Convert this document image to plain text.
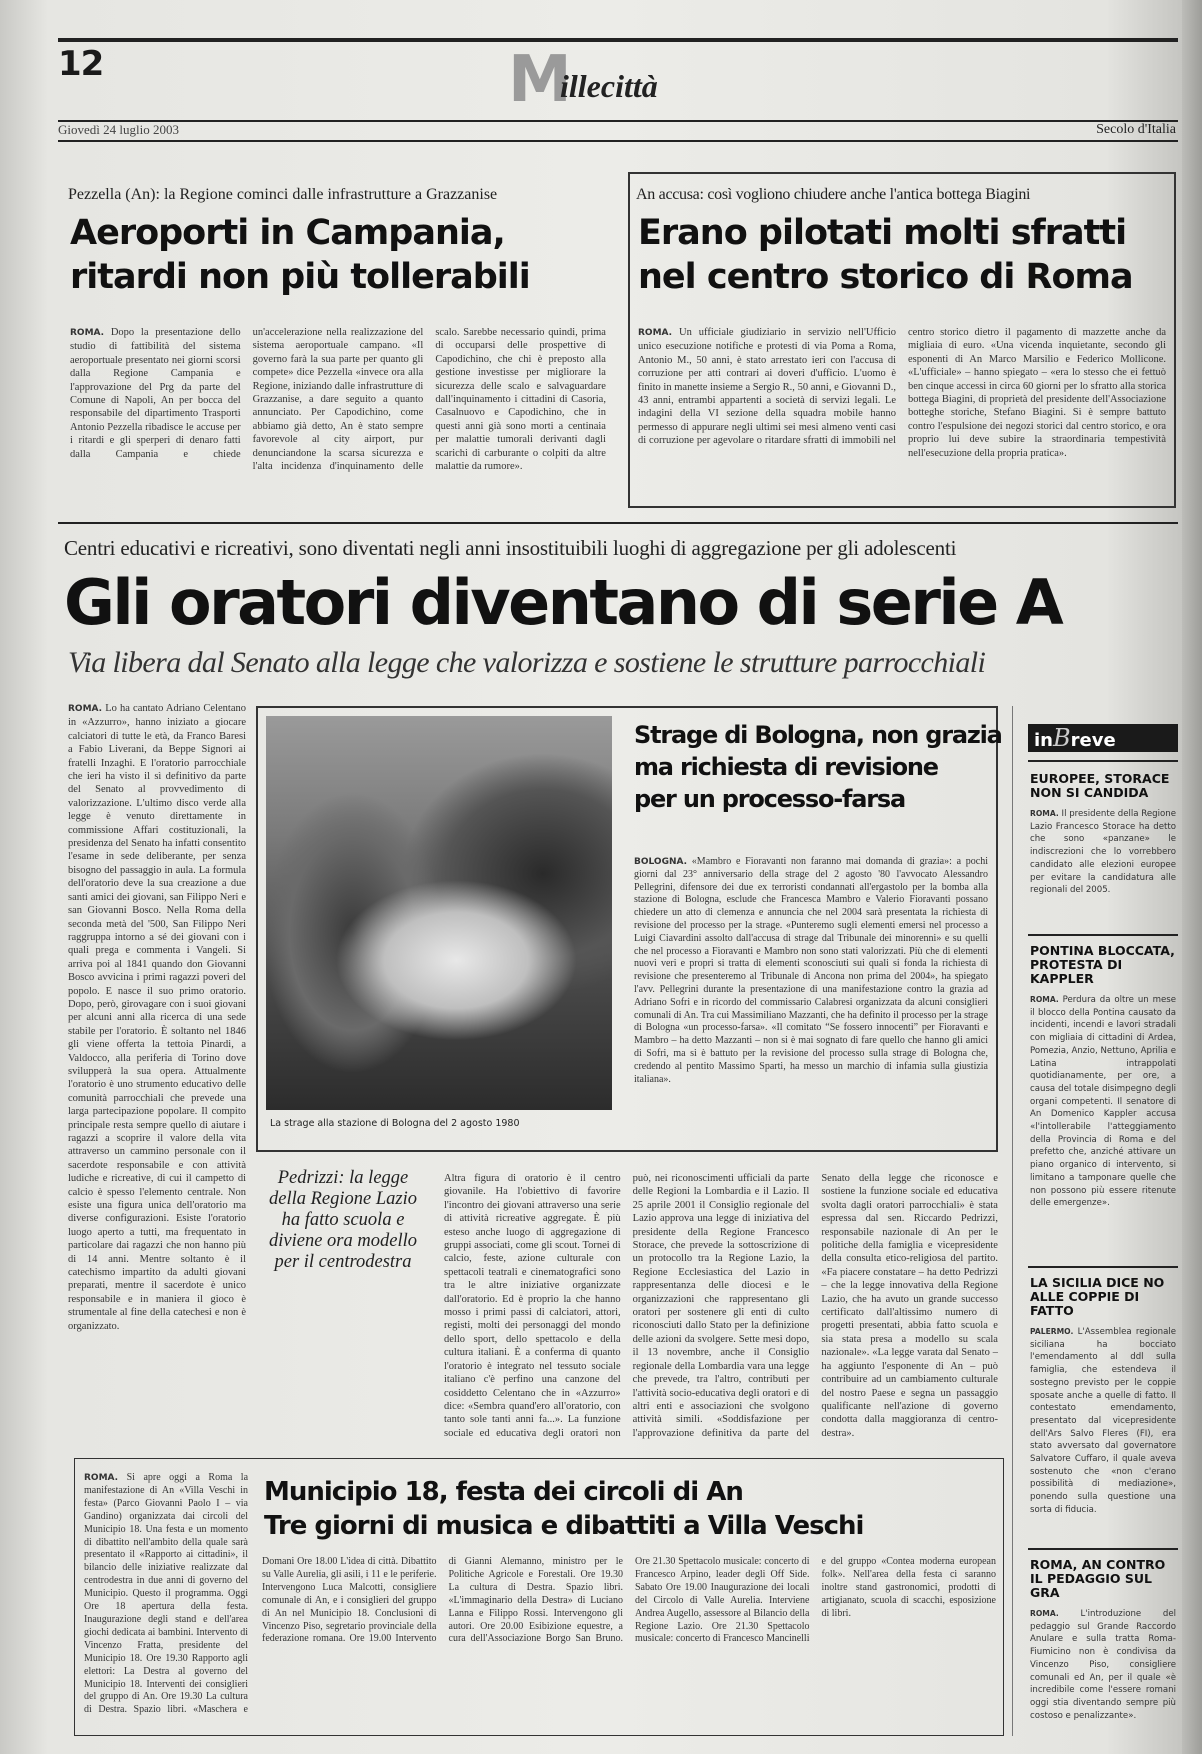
12	M
illecittà
Giovedì 24 luglio 2003	Secolo d'Italia
Pezzella (An): la Regione cominci dalle infrastrutture a Grazzanise
Aeroporti in Campania,
ritardi non più tollerabili
ROMA. Dopo la presentazione dello studio di fattibilità del sistema aeroportuale presentato nei giorni scorsi dalla Regione Campania e l'approvazione del Prg da parte del Comune di Napoli, An per bocca del responsabile del dipartimento Trasporti Antonio Pezzella ribadisce le accuse per i ritardi e gli sperperi di denaro fatti dalla Campania e chiede un'accelerazione nella realizzazione del sistema aeroportuale campano. «Il governo farà la sua parte per quanto gli compete» dice Pezzella «invece ora alla Regione, iniziando dalle infrastrutture di Grazzanise, a dare seguito a quanto annunciato. Per Capodichino, come abbiamo già detto, An è stato sempre favorevole al city airport, pur denunciandone la scarsa sicurezza e l'alta incidenza d'inquinamento delle scalo. Sarebbe necessario quindi, prima di occuparsi delle prospettive di Capodichino, che chi è preposto alla gestione investisse per migliorare la sicurezza delle scalo e salvaguardare dall'inquinamento i cittadini di Casoria, Casalnuovo e Capodichino, che in questi anni già sono morti a centinaia per malattie tumorali derivanti dagli scarichi di carburante o colpiti da altre malattie da rumore».
An accusa: così vogliono chiudere anche l'antica bottega Biagini
Erano pilotati molti sfratti
nel centro storico di Roma
ROMA. Un ufficiale giudiziario in servizio nell'Ufficio unico esecuzione notifiche e protesti di via Poma a Roma, Antonio M., 50 anni, è stato arrestato ieri con l'accusa di corruzione per atti contrari ai doveri d'ufficio. L'uomo è finito in manette insieme a Sergio R., 50 anni, e Giovanni D., 43 anni, entrambi appartenti a società di servizi legali. Le indagini della VI sezione della squadra mobile hanno permesso di appurare negli ultimi sei mesi almeno venti casi di corruzione per agevolare o ritardare sfratti di immobili nel centro storico dietro il pagamento di mazzette anche da migliaia di euro. «Una vicenda inquietante, secondo gli esponenti di An Marco Marsilio e Federico Mollicone. «L'ufficiale» – hanno spiegato – «era lo stesso che ei fettuò ben cinque accessi in circa 60 giorni per lo sfratto alla storica bottega Biagini, di proprietà del presidente dell'Associazione botteghe storiche, Stefano Biagini. Si è sempre battuto contro l'espulsione dei negozi storici dal centro storico, e ora proprio lui deve subire la straordinaria tempestività nell'esecuzione della propria pratica».
Centri educativi e ricreativi, sono diventati negli anni insostituibili luoghi di aggregazione per gli adolescenti
Gli oratori diventano di serie A
Via libera dal Senato alla legge che valorizza e sostiene le strutture parrocchiali
ROMA. Lo ha cantato Adriano Celentano in «Azzurro», hanno iniziato a giocare calciatori di tutte le età, da Franco Baresi a Fabio Liverani, da Beppe Signori ai fratelli Inzaghi. E l'oratorio parrocchiale che ieri ha visto il sì definitivo da parte del Senato al provvedimento di valorizzazione. L'ultimo disco verde alla legge è venuto direttamente in commissione Affari costituzionali, la presidenza del Senato ha infatti consentito l'esame in sede deliberante, per senza bisogno del passaggio in aula. La formula dell'oratorio deve la sua creazione a due santi amici dei giovani, san Filippo Neri e san Giovanni Bosco. Nella Roma della seconda metà del '500, San Filippo Neri raggruppa intorno a sé dei giovani con i quali prega e commenta i Vangeli. Si arriva poi al 1841 quando don Giovanni Bosco avvicina i primi ragazzi poveri del popolo. E nasce il suo primo oratorio. Dopo, però, girovagare con i suoi giovani per alcuni anni alla ricerca di una sede stabile per l'oratorio. È soltanto nel 1846 gli viene offerta la tettoia Pinardi, a Valdocco, alla periferia di Torino dove svilupperà la sua opera. Attualmente l'oratorio è uno strumento educativo delle comunità parrocchiali che prevede una larga partecipazione popolare. Il compito principale resta sempre quello di aiutare i ragazzi a scoprire il valore della vita attraverso un cammino personale con il sacerdote responsabile e con attività ludiche e ricreative, di cui il campetto di calcio è spesso l'elemento centrale. Non esiste una figura unica dell'oratorio ma diverse configurazioni. Esiste l'oratorio luogo aperto a tutti, ma frequentato in particolare dai ragazzi che non hanno più di 14 anni. Mentre soltanto è il catechismo impartito da adulti giovani preparati, mentre il sacerdote è unico responsabile e in maniera il gioco è strumentale al fine della catechesi e non è organizzato.
La strage alla stazione di Bologna del 2 agosto 1980
Strage di Bologna, non grazia
ma richiesta di revisione
per un processo-farsa
BOLOGNA. «Mambro e Fioravanti non faranno mai domanda di grazia»: a pochi giorni dal 23° anniversario della strage del 2 agosto '80 l'avvocato Alessandro Pellegrini, difensore dei due ex terroristi condannati all'ergastolo per la bomba alla stazione di Bologna, esclude che Francesca Mambro e Valerio Fioravanti possano chiedere un atto di clemenza e annuncia che nel 2004 sarà presentata la richiesta di revisione del processo per la strage. «Punteremo sugli elementi emersi nel processo a Luigi Ciavardini assolto dall'accusa di strage dal Tribunale dei minorenni» e su quelli che nel processo a Fioravanti e Mambro non sono stati valorizzati. Più che di elementi nuovi veri e propri si tratta di elementi sconosciuti sui quali si fonda la richiesta di revisione che presenteremo al Tribunale di Ancona non prima del 2004», ha spiegato l'avv. Pellegrini durante la presentazione di una manifestazione contro la grazia ad Adriano Sofri e in ricordo del commissario Calabresi organizzata da alcuni consiglieri comunali di An. Tra cui Massimiliano Mazzanti, che ha definito il processo per la strage di Bologna «un processo-farsa». «Il comitato “Se fossero innocenti” per Fioravanti e Mambro – ha detto Mazzanti – non si è mai sognato di fare quello che hanno gli amici di Sofri, ma si è battuto per la revisione del processo sulla strage di Bologna che, credendo al pentito Massimo Sparti, ha messo un marchio di infamia sulla giustizia italiana».
Pedrizzi: la legge della Regione Lazio ha fatto scuola e diviene ora modello per il centrodestra
Altra figura di oratorio è il centro giovanile. Ha l'obiettivo di favorire l'incontro dei giovani attraverso una serie di attività ricreative aggregate. È più esteso anche luogo di aggregazione di gruppi associati, come gli scout. Tornei di calcio, feste, azione culturale con spettacoli teatrali e cinematografici sono tra le altre iniziative organizzate dall'oratorio. Ed è proprio la che hanno mosso i primi passi di calciatori, attori, registi, molti dei personaggi del mondo dello sport, dello spettacolo e della cultura italiani. È a conferma di quanto l'oratorio è integrato nel tessuto sociale italiano c'è perfino una canzone del cosiddetto Celentano che in «Azzurro» dice: «Sembra quand'ero all'oratorio, con tanto sole tanti anni fa...». La funzione sociale ed educativa degli oratori non può, nei riconoscimenti ufficiali da parte delle Regioni la Lombardia e il Lazio. Il 25 aprile 2001 il Consiglio regionale del Lazio approva una legge di iniziativa del presidente della Regione Francesco Storace, che prevede la sottoscrizione di un protocollo tra la Regione Lazio, la Regione Ecclesiastica del Lazio in rappresentanza delle diocesi e le organizzazioni che rappresentano gli oratori per sostenere gli enti di culto riconosciuti dallo Stato per la definizione delle azioni da svolgere. Sette mesi dopo, il 13 novembre, anche il Consiglio regionale della Lombardia vara una legge che prevede, tra l'altro, contributi per l'attività socio-educativa degli oratori e di altri enti e associazioni che svolgono attività simili. «Soddisfazione per l'approvazione definitiva da parte del Senato della legge che riconosce e sostiene la funzione sociale ed educativa svolta dagli oratori parrocchiali» è stata espressa dal sen. Riccardo Pedrizzi, responsabile nazionale di An per le politiche della famiglia e vicepresidente della consulta etico-religiosa del partito. «Fa piacere constatare – ha detto Pedrizzi – che la legge innovativa della Regione Lazio, che ha avuto un grande successo certificato dall'altissimo numero di progetti presentati, abbia fatto scuola e sia stata presa a modello su scala nazionale». «La legge varata dal Senato – ha aggiunto l'esponente di An – può contribuire ad un cambiamento culturale del nostro Paese e segna un passaggio qualificante nell'azione di governo condotta dalla maggioranza di centro-destra».
inBreve
EUROPEE, STORACE NON SI CANDIDA
ROMA. Il presidente della Regione Lazio Francesco Storace ha detto che sono «panzane» le indiscrezioni che lo vorrebbero candidato alle elezioni europee per evitare la candidatura alle regionali del 2005.
PONTINA BLOCCATA, PROTESTA DI KAPPLER
ROMA. Perdura da oltre un mese il blocco della Pontina causato da incidenti, incendi e lavori stradali con migliaia di cittadini di Ardea, Pomezia, Anzio, Nettuno, Aprilia e Latina intrappolati quotidianamente, per ore, a causa del totale disimpegno degli organi competenti. Il senatore di An Domenico Kappler accusa «l'intollerabile l'atteggiamento della Provincia di Roma e del prefetto che, anziché attivare un piano organico di intervento, si limitano a tamponare quelle che non possono più essere ritenute delle emergenze».
LA SICILIA DICE NO ALLE COPPIE DI FATTO
PALERMO. L'Assemblea regionale siciliana ha bocciato l'emendamento al ddl sulla famiglia, che estendeva il sostegno previsto per le coppie sposate anche a quelle di fatto. Il contestato emendamento, presentato dal vicepresidente dell'Ars Salvo Fleres (FI), era stato avversato dal governatore Salvatore Cuffaro, il quale aveva sostenuto che «non c'erano possibilità di mediazione», ponendo sulla questione una sorta di fiducia.
ROMA, AN CONTRO IL PEDAGGIO SUL GRA
ROMA.	L'introduzione del pedaggio sul Grande Raccordo Anulare e sulla tratta Roma-Fiumicino non è condivisa da Vincenzo Piso, consigliere comunali ed An, per il quale «è incredibile come l'essere romani oggi stia diventando sempre più costoso e penalizzante».
ROMA. Si apre oggi a Roma la manifestazione di An «Villa Veschi in festa» (Parco Giovanni Paolo I – via Gandino) organizzata dai circoli del Municipio 18. Una festa e un momento di dibattito nell'ambito della quale sarà presentato il «Rapporto ai cittadini», il bilancio delle iniziative realizzate dal centrodestra in due anni di governo del Municipio. Questo il programma. Oggi Ore 18 apertura della festa. Inaugurazione degli stand e dell'area giochi dedicata ai bambini. Intervento di Vincenzo Fratta, presidente del Municipio 18. Ore 19.30 Rapporto agli elettori: La Destra al governo del Municipio 18. Interventi dei consiglieri del gruppo di An. Ore 19.30 La cultura di Destra. Spazio libri. «Maschera e
Municipio 18, festa dei circoli di An
Tre giorni di musica e dibattiti a Villa Veschi
Domani Ore 18.00 L'idea di città. Dibattito su Valle Aurelia, gli asili, i 11 e le periferie. Intervengono Luca Malcotti, consigliere comunale di An, e i consiglieri del gruppo di An nel Municipio 18. Conclusioni di Vincenzo Piso, segretario provinciale della federazione romana. Ore 19.00 Intervento di Gianni Alemanno, ministro per le Politiche Agricole e Forestali. Ore 19.30 La cultura di Destra. Spazio libri. «L'immaginario della Destra» di Luciano Lanna e Filippo Rossi. Intervengono gli autori. Ore 20.00 Esibizione equestre, a cura dell'Associazione Borgo San Bruno. Ore 21.30 Spettacolo musicale: concerto di Francesco Arpino, leader degli Off Side. Sabato Ore 19.00 Inaugurazione dei locali del Circolo di Valle Aurelia. Interviene Andrea Augello, assessore al Bilancio della Regione Lazio. Ore 21.30 Spettacolo musicale: concerto di Francesco Mancinelli e del gruppo «Contea moderna european folk». Nell'area della festa ci saranno inoltre stand gastronomici, prodotti di artigianato, scuola di scacchi, esposizione di libri.
